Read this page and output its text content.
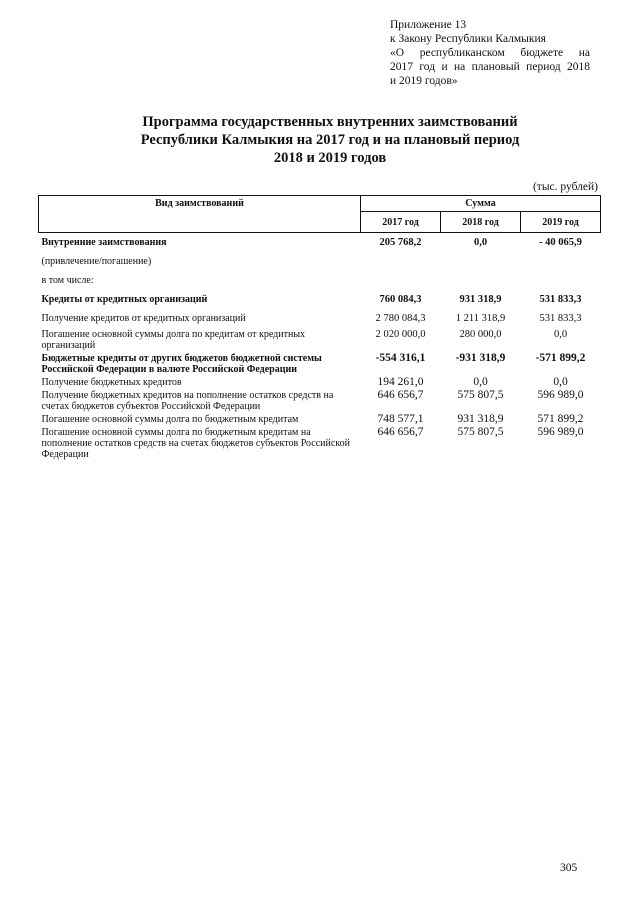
Приложение 13
к Закону Республики Калмыкия
«О республиканском бюджете на
2017 год и на плановый период 2018
и 2019 годов»
Программа государственных внутренних заимствований
Республики Калмыкия на 2017 год и на плановый период
2018 и 2019 годов
(тыс. рублей)
Вид заимствований	Сумма		
	2017 год	2018 год	2019 год
Внутренние заимствования	205 768,2	0,0	- 40 065,9
(привлечение/погашение)			
в том числе:			
Кредиты от кредитных организаций	760 084,3	931 318,9	531 833,3
Получение кредитов от кредитных организаций	2 780 084,3	1 211 318,9	531 833,3
Погашение основной суммы долга по кредитам от кредитных организаций	2 020 000,0	280 000,0	0,0
Бюджетные кредиты от других бюджетов бюджетной системы Российской Федерации в валюте Российской Федерации	-554 316,1	-931 318,9	-571 899,2
Получение бюджетных кредитов	194 261,0	0,0	0,0
Получение бюджетных кредитов на пополнение остатков средств на счетах бюджетов субъектов Российской Федерации	646 656,7	575 807,5	596 989,0
Погашение основной суммы долга по бюджетным кредитам	748 577,1	931 318,9	571 899,2
Погашение основной суммы долга по бюджетным кредитам на пополнение остатков средств на счетах бюджетов субъектов Российской Федерации	646 656,7	575 807,5	596 989,0
305
